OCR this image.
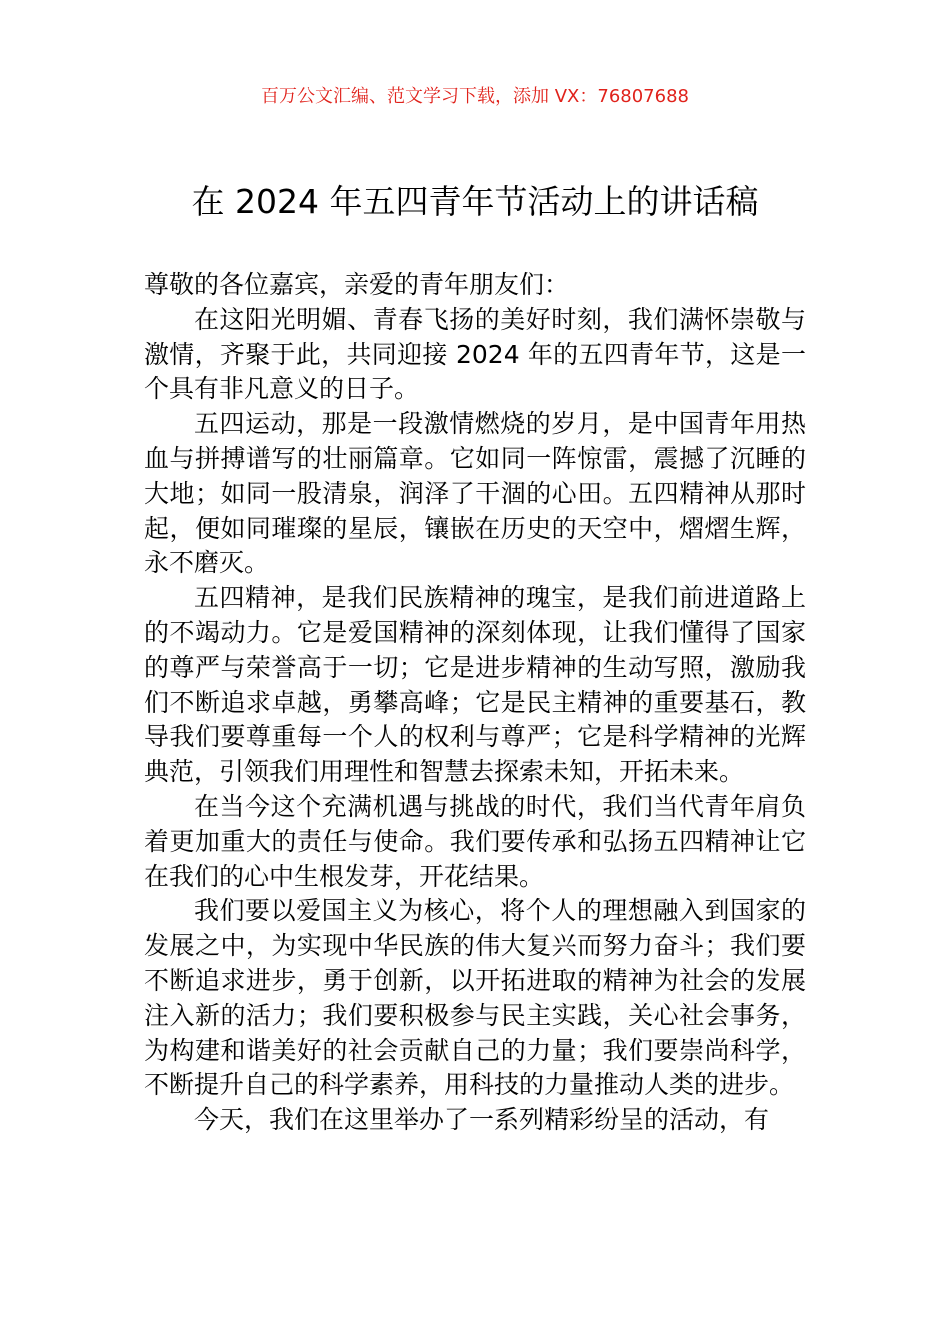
百万公文汇编、范文学习下载，添加 VX：76807688
在 2024 年五四青年节活动上的讲话稿

尊敬的各位嘉宾，亲爱的青年朋友们：

在这阳光明媚、青春飞扬的美好时刻，我们满怀崇敬与激情，齐聚于此，共同迎接 2024 年的五四青年节，这是一个具有非凡意义的日子。

五四运动，那是一段激情燃烧的岁月，是中国青年用热血与拼搏谱写的壮丽篇章。它如同一阵惊雷，震撼了沉睡的大地；如同一股清泉，润泽了干涸的心田。五四精神从那时起，便如同璀璨的星辰，镶嵌在历史的天空中，熠熠生辉，永不磨灭。

五四精神，是我们民族精神的瑰宝，是我们前进道路上的不竭动力。它是爱国精神的深刻体现，让我们懂得了国家的尊严与荣誉高于一切；它是进步精神的生动写照，激励我们不断追求卓越，勇攀高峰；它是民主精神的重要基石，教导我们要尊重每一个人的权利与尊严；它是科学精神的光辉典范，引领我们用理性和智慧去探索未知，开拓未来。

在当今这个充满机遇与挑战的时代，我们当代青年肩负着更加重大的责任与使命。我们要传承和弘扬五四精神让它在我们的心中生根发芽，开花结果。

我们要以爱国主义为核心，将个人的理想融入到国家的发展之中，为实现中华民族的伟大复兴而努力奋斗；我们要不断追求进步，勇于创新，以开拓进取的精神为社会的发展注入新的活力；我们要积极参与民主实践，关心社会事务，为构建和谐美好的社会贡献自己的力量；我们要崇尚科学，不断提升自己的科学素养，用科技的力量推动人类的进步。

今天，我们在这里举办了一系列精彩纷呈的活动，有
